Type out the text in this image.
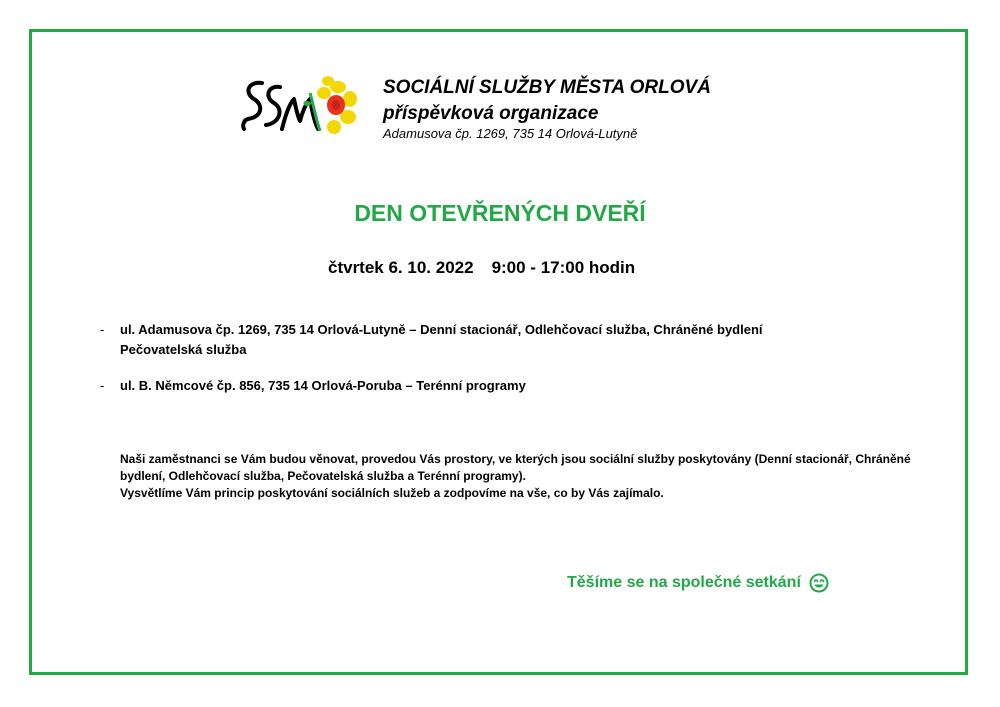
SOCIÁLNÍ SLUŽBY MĚSTA ORLOVÁ
příspěvková organizace
Adamusova čp. 1269, 735 14 Orlová-Lutyně
DEN OTEVŘENÝCH DVEŘÍ
čtvrtek 6. 10. 2022 9:00 - 17:00 hodin
- ul. Adamusova čp. 1269, 735 14 Orlová-Lutyně – Denní stacionář, Odlehčovací služba, Chráněné bydlení
Pečovatelská služba
- ul. B. Němcové čp. 856, 735 14 Orlová-Poruba – Terénní programy

Naši zaměstnanci se Vám budou věnovat, provedou Vás prostory, ve kterých jsou sociální služby poskytovány (Denní stacionář, Chráněné bydlení, Odlehčovací služba, Pečovatelská služba a Terénní programy).

Vysvětlíme Vám princip poskytování sociálních služeb a zodpovíme na vše, co by Vás zajímalo.

Těšíme se na společné setkání
